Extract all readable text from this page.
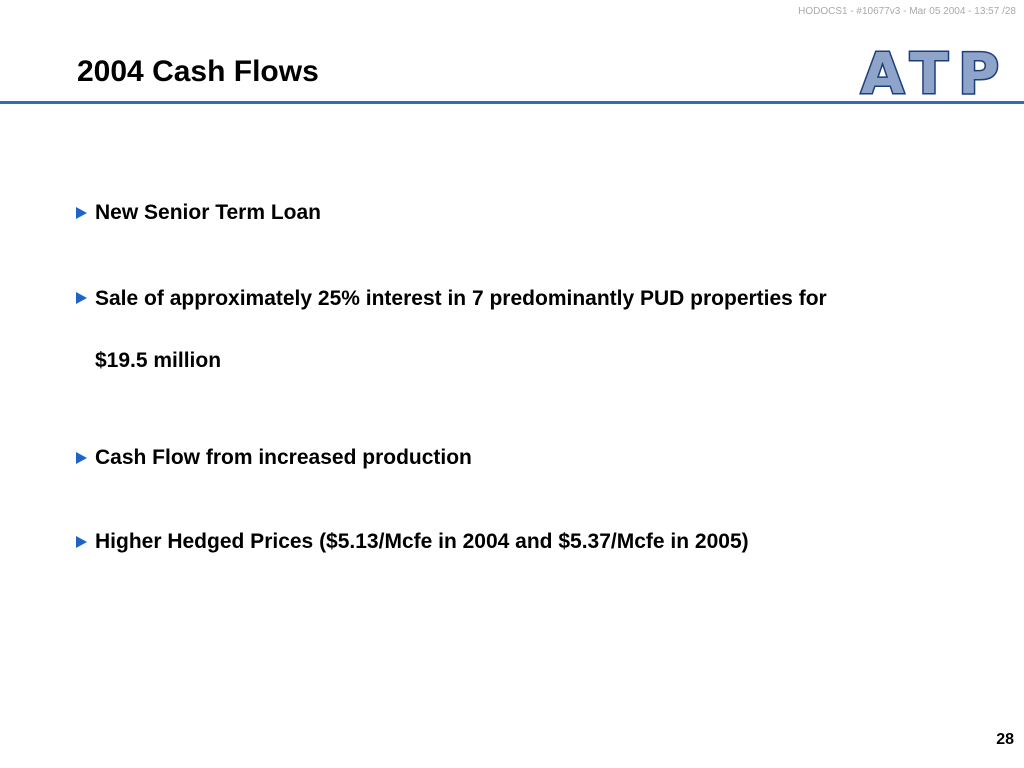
HODOCS1 - #10677v3 - Mar 05 2004 - 13:57 /28
2004 Cash Flows	ATP
New Senior Term Loan
Sale of approximately 25% interest in 7 predominantly PUD properties for $19.5 million
Cash Flow from increased production
Higher Hedged Prices ($5.13/Mcfe in 2004 and $5.37/Mcfe in 2005)
28
